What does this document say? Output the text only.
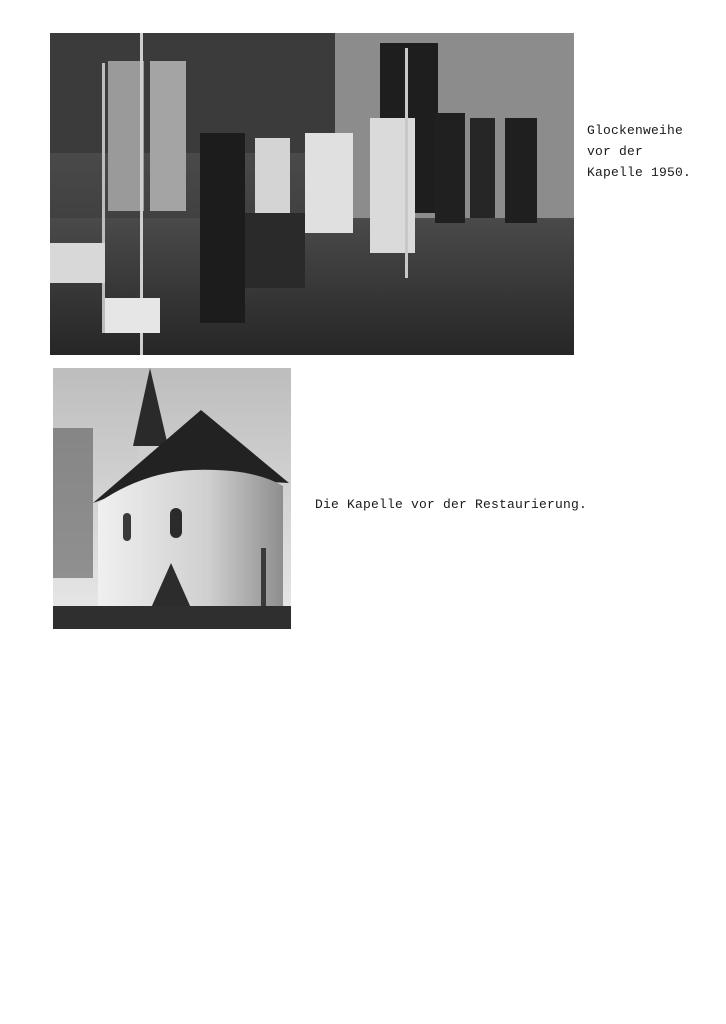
Glockenweihe
vor der
Kapelle 1950.
Die Kapelle vor der Restaurierung.
